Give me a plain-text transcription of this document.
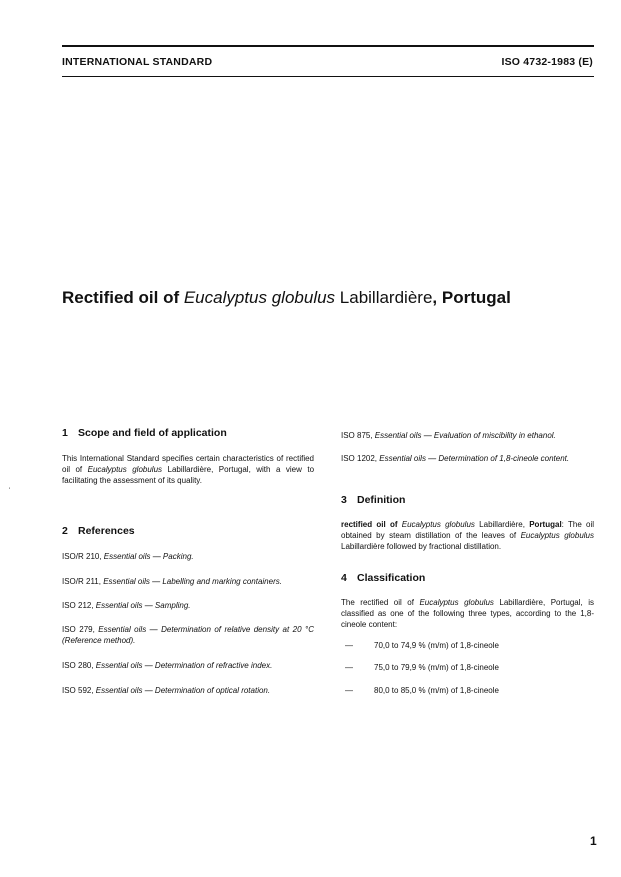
INTERNATIONAL STANDARD	ISO 4732-1983 (E)
Rectified oil of Eucalyptus globulus Labillardière, Portugal
'
1 Scope and field of application
This International Standard specifies certain characteristics of rectified oil of Eucalyptus globulus Labillardière, Portugal, with a view to facilitating the assessment of its quality.
2 References
ISO/R 210, Essential oils — Packing.
ISO/R 211, Essential oils — Labelling and marking containers.
ISO 212, Essential oils — Sampling.
ISO 279, Essential oils — Determination of relative density at 20 °C (Reference method).
ISO 280, Essential oils — Determination of refractive index.
ISO 592, Essential oils — Determination of optical rotation.
ISO 875, Essential oils — Evaluation of miscibility in ethanol.
ISO 1202, Essential oils — Determination of 1,8-cineole content.
3 Definition
rectified oil of Eucalyptus globulus Labillardière, Portugal: The oil obtained by steam distillation of the leaves of Eucalyptus globulus Labillardière followed by fractional distillation.
4 Classification
The rectified oil of Eucalyptus globulus Labillardière, Portugal, is classified as one of the following three types, according to the 1,8-cineole content:
—	70,0 to 74,9 % (m/m) of 1,8-cineole
—	75,0 to 79,9 % (m/m) of 1,8-cineole
—	80,0 to 85,0 % (m/m) of 1,8-cineole
1
